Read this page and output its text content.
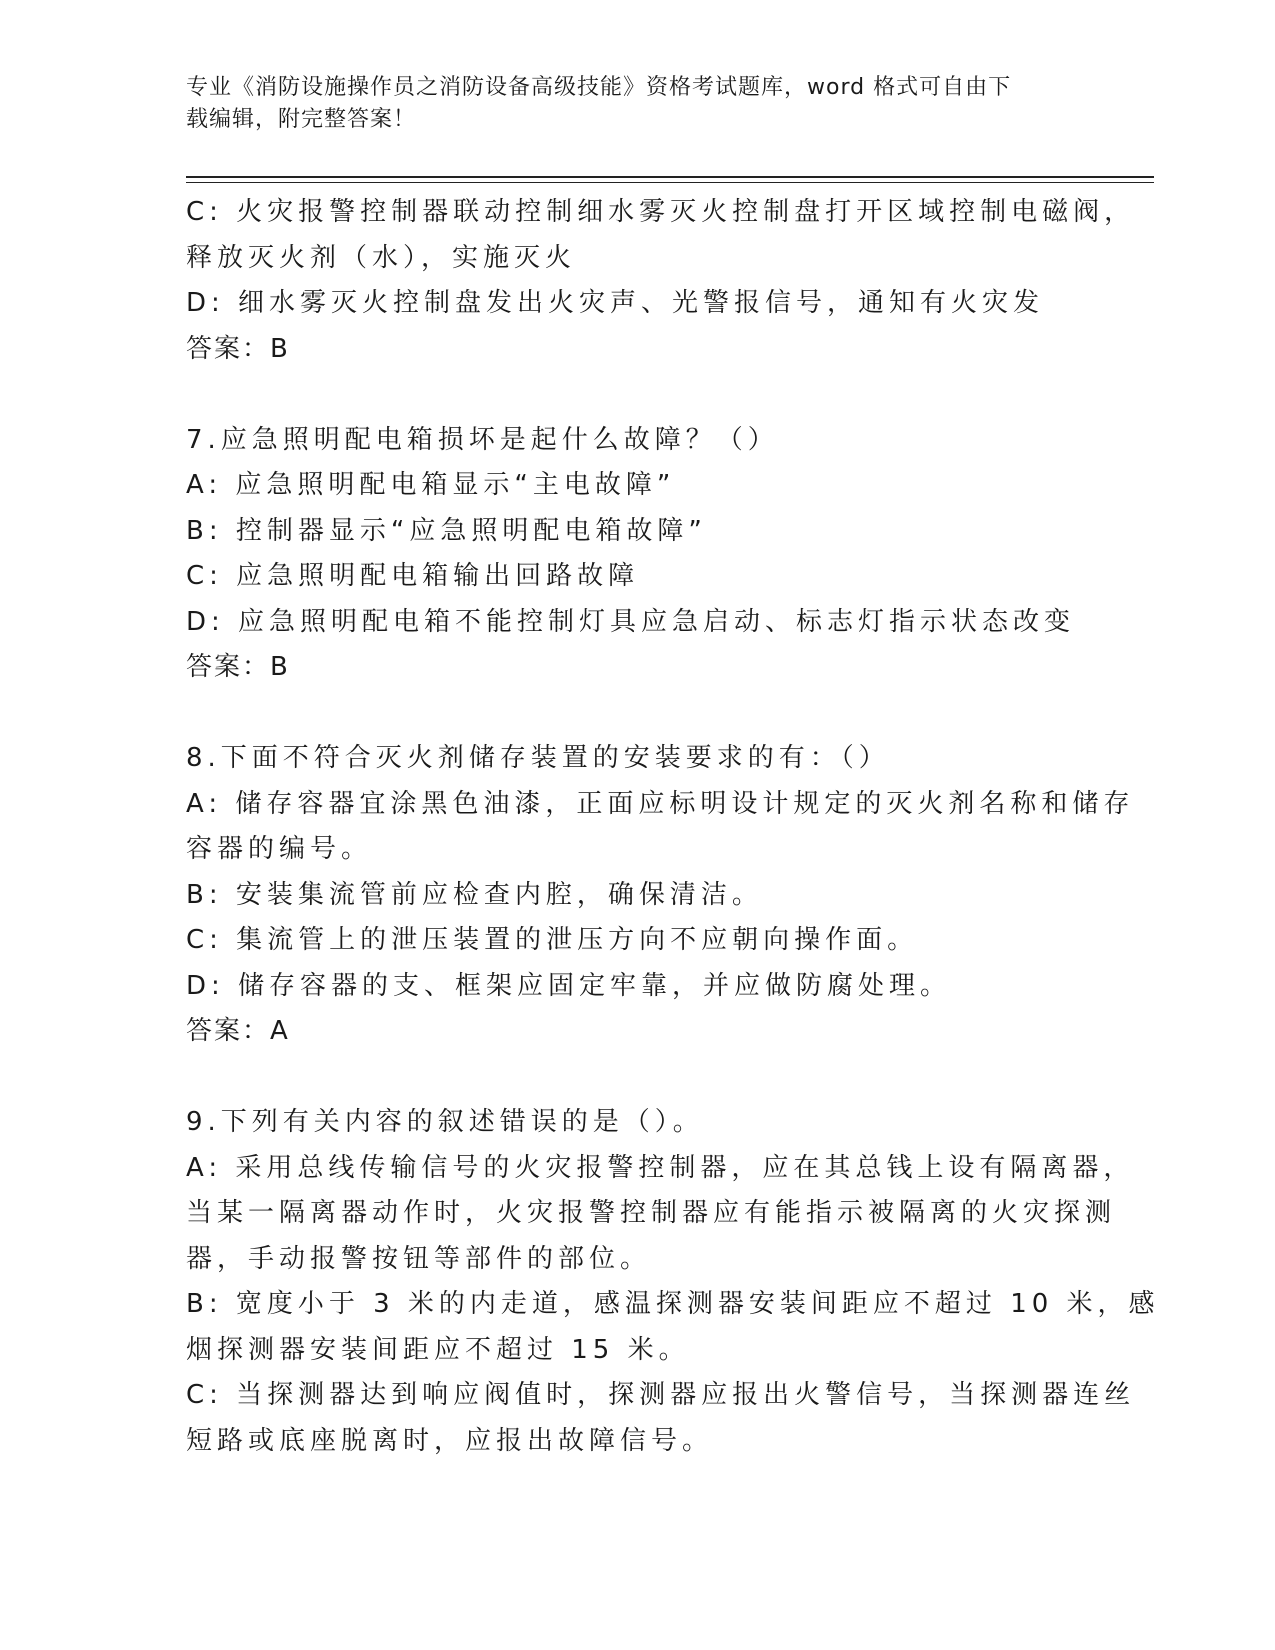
专业《消防设施操作员之消防设备高级技能》资格考试题库，word 格式可自由下
载编辑，附完整答案！
C: 火灾报警控制器联动控制细水雾灭火控制盘打开区域控制电磁阀，
释放灭火剂（水），实施灭火
D: 细水雾灭火控制盘发出火灾声、光警报信号，通知有火灾发
答案：B
7.应急照明配电箱损坏是起什么故障？（）
A: 应急照明配电箱显示“主电故障”
B: 控制器显示“应急照明配电箱故障”
C: 应急照明配电箱输出回路故障
D: 应急照明配电箱不能控制灯具应急启动、标志灯指示状态改变
答案：B
8.下面不符合灭火剂储存装置的安装要求的有：（）
A: 储存容器宜涂黑色油漆，正面应标明设计规定的灭火剂名称和储存
容器的编号。
B: 安装集流管前应检查内腔，确保清洁。
C: 集流管上的泄压装置的泄压方向不应朝向操作面。
D: 储存容器的支、框架应固定牢靠，并应做防腐处理。
答案：A
9.下列有关内容的叙述错误的是（）。
A: 采用总线传输信号的火灾报警控制器，应在其总钱上设有隔离器，
当某一隔离器动作时，火灾报警控制器应有能指示被隔离的火灾探测
器，手动报警按钮等部件的部位。
B: 宽度小于 3 米的内走道，感温探测器安装间距应不超过 10 米，感
烟探测器安装间距应不超过 15 米。
C: 当探测器达到响应阀值时，探测器应报出火警信号，当探测器连丝
短路或底座脱离时，应报出故障信号。
